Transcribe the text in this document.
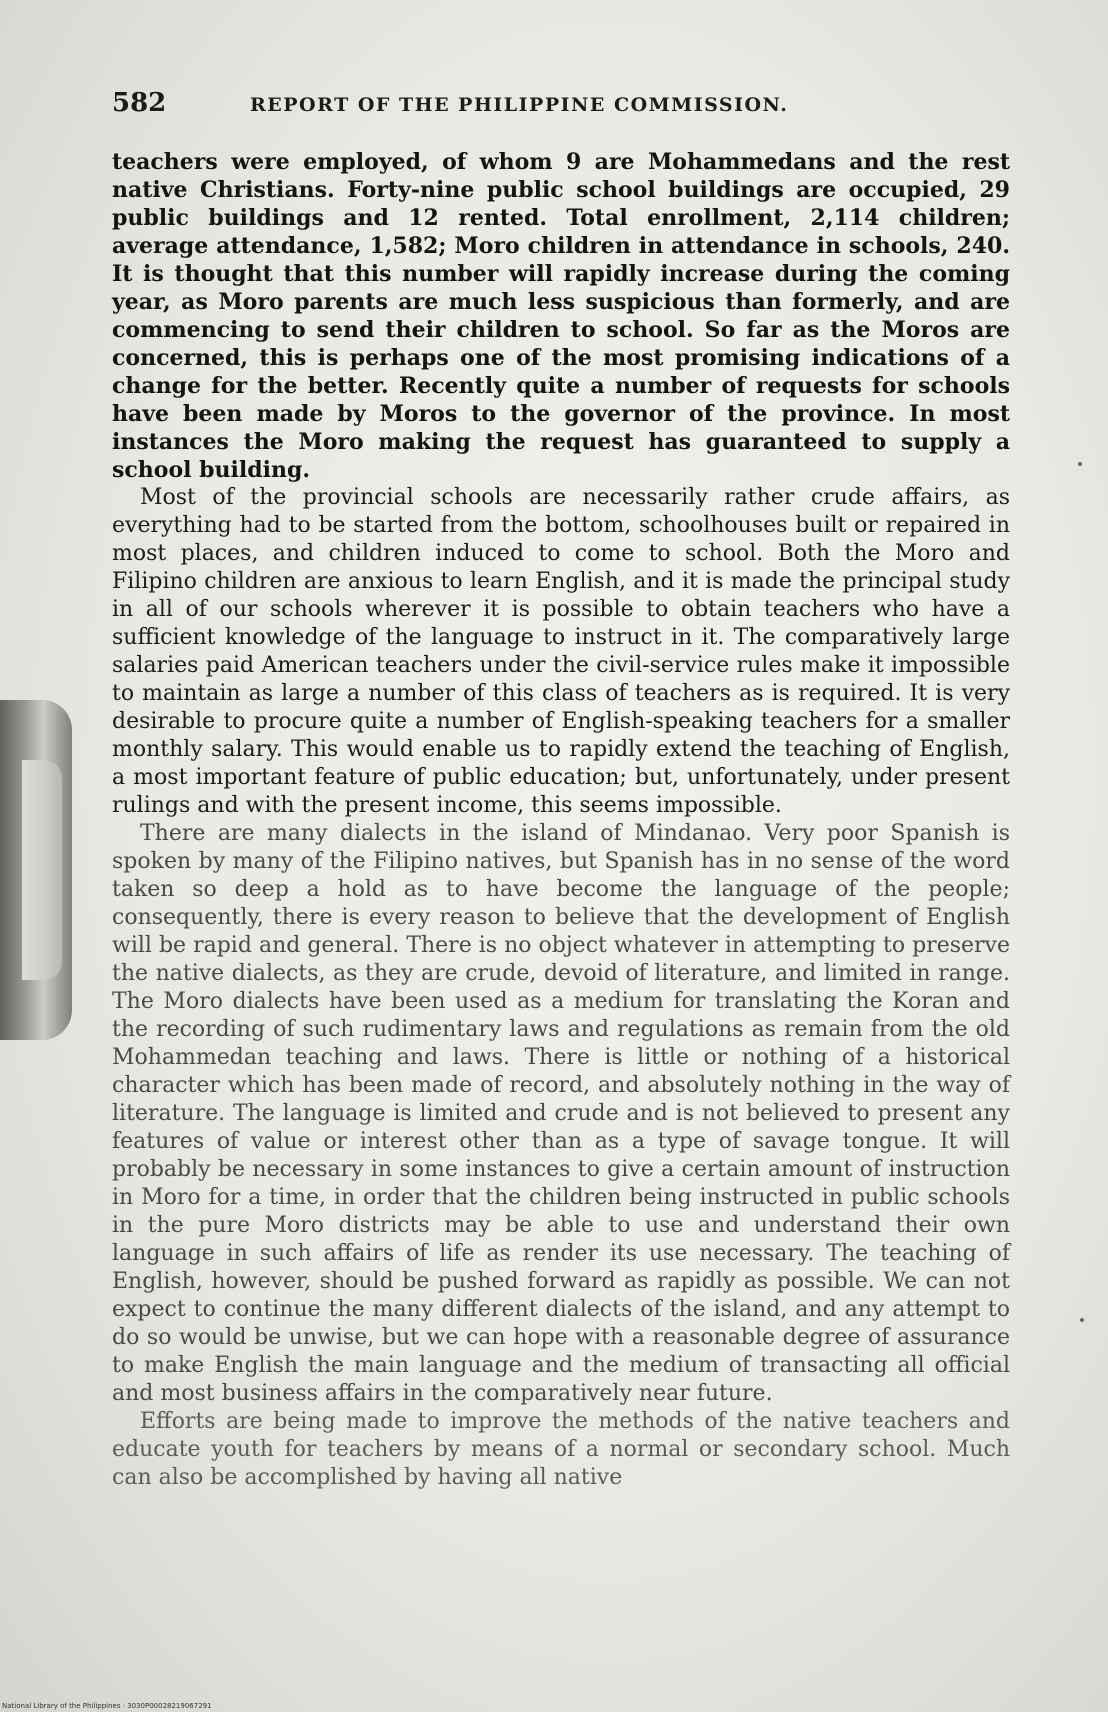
582	REPORT OF THE PHILIPPINE COMMISSION.

teachers were employed, of whom 9 are Mohammedans and the rest native Christians. Forty-nine public school buildings are occupied, 29 public buildings and 12 rented. Total enrollment, 2,114 children; average attendance, 1,582; Moro children in attendance in schools, 240. It is thought that this number will rapidly increase during the coming year, as Moro parents are much less suspicious than formerly, and are commencing to send their children to school. So far as the Moros are concerned, this is perhaps one of the most promising indications of a change for the better. Recently quite a number of requests for schools have been made by Moros to the governor of the province. In most instances the Moro making the request has guaranteed to supply a school building.

Most of the provincial schools are necessarily rather crude affairs, as everything had to be started from the bottom, schoolhouses built or repaired in most places, and children induced to come to school. Both the Moro and Filipino children are anxious to learn English, and it is made the principal study in all of our schools wherever it is possible to obtain teachers who have a sufficient knowledge of the language to instruct in it. The comparatively large salaries paid American teachers under the civil-service rules make it impossible to maintain as large a number of this class of teachers as is required. It is very desirable to procure quite a number of English-speaking teachers for a smaller monthly salary. This would enable us to rapidly extend the teaching of English, a most important feature of public education; but, unfortunately, under present rulings and with the present income, this seems impossible.

There are many dialects in the island of Mindanao. Very poor Spanish is spoken by many of the Filipino natives, but Spanish has in no sense of the word taken so deep a hold as to have become the language of the people; consequently, there is every reason to believe that the development of English will be rapid and general. There is no object whatever in attempting to preserve the native dialects, as they are crude, devoid of literature, and limited in range. The Moro dialects have been used as a medium for translating the Koran and the recording of such rudimentary laws and regulations as remain from the old Mohammedan teaching and laws. There is little or nothing of a historical character which has been made of record, and absolutely nothing in the way of literature. The language is limited and crude and is not believed to present any features of value or interest other than as a type of savage tongue. It will probably be necessary in some instances to give a certain amount of instruction in Moro for a time, in order that the children being instructed in public schools in the pure Moro districts may be able to use and understand their own language in such affairs of life as render its use necessary. The teaching of English, however, should be pushed forward as rapidly as possible. We can not expect to continue the many different dialects of the island, and any attempt to do so would be unwise, but we can hope with a reasonable degree of assurance to make English the main language and the medium of transacting all official and most business affairs in the comparatively near future.

Efforts are being made to improve the methods of the native teachers and educate youth for teachers by means of a normal or secondary school. Much can also be accomplished by having all native

National Library of the Philippines · 3030P00028219067291
